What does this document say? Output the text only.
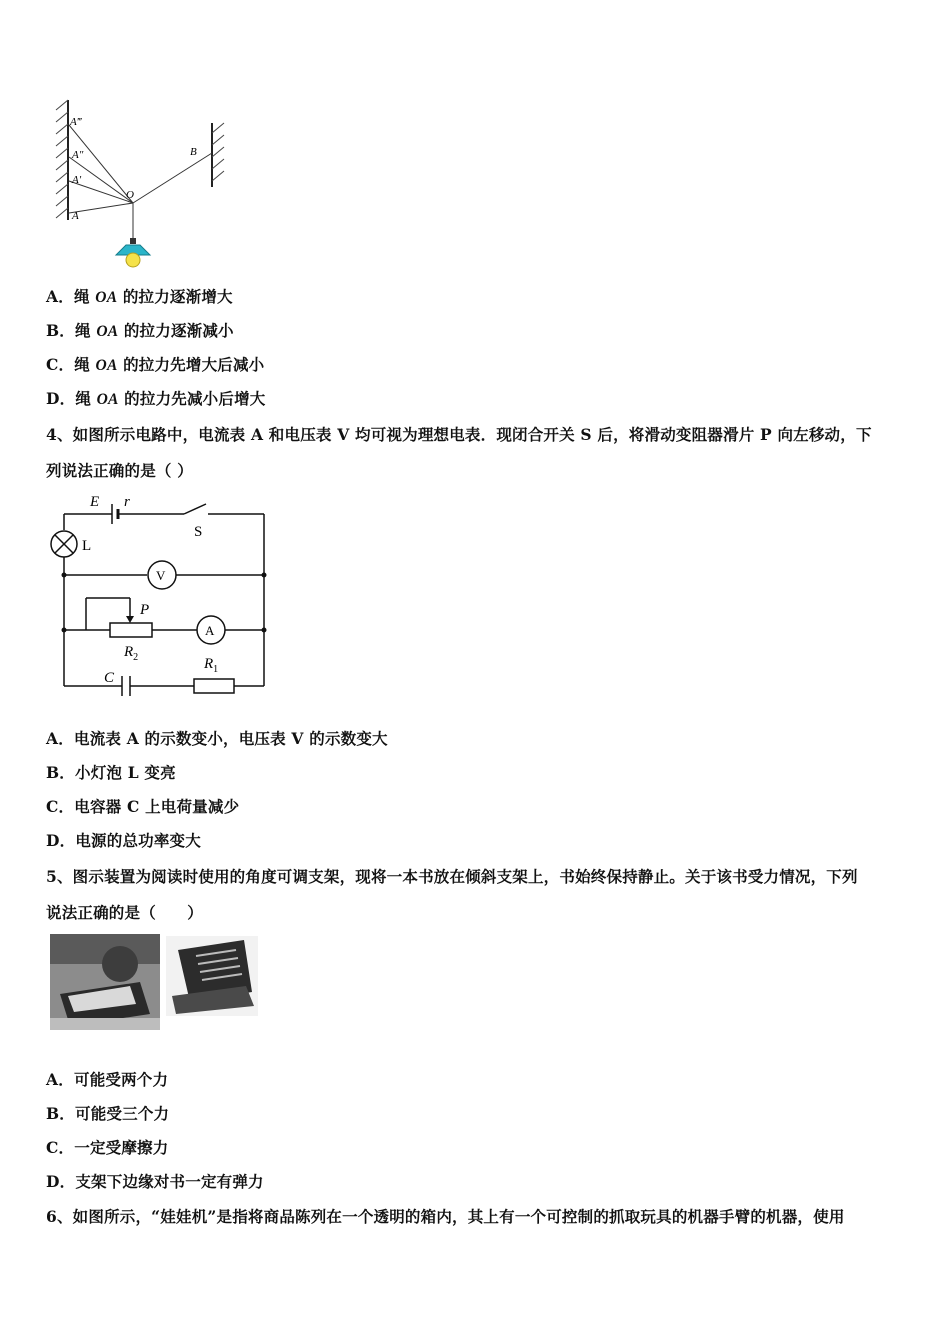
A‴
A″
A′
A
O
B
A．绳 OA 的拉力逐渐增大
B．绳 OA 的拉力逐渐减小
C．绳 OA 的拉力先增大后减小
D．绳 OA 的拉力先减小后增大
4、如图所示电路中，电流表 A 和电压表 V 均可视为理想电表．现闭合开关 S 后，将滑动变阻器滑片 P 向左移动，下
列说法正确的是（ ）
E r
S
L
V
P
A
$R_2$	$R_1$
C
A．电流表 A 的示数变小，电压表 V 的示数变大
B．小灯泡 L 变亮
C．电容器 C 上电荷量减少
D．电源的总功率变大
5、图示装置为阅读时使用的角度可调支架，现将一本书放在倾斜支架上，书始终保持静止。关于该书受力情况，下列
说法正确的是（　　）
A．可能受两个力
B．可能受三个力
C．一定受摩擦力
D．支架下边缘对书一定有弹力
6、如图所示，“娃娃机”是指将商品陈列在一个透明的箱内，其上有一个可控制的抓取玩具的机器手臂的机器，使用
